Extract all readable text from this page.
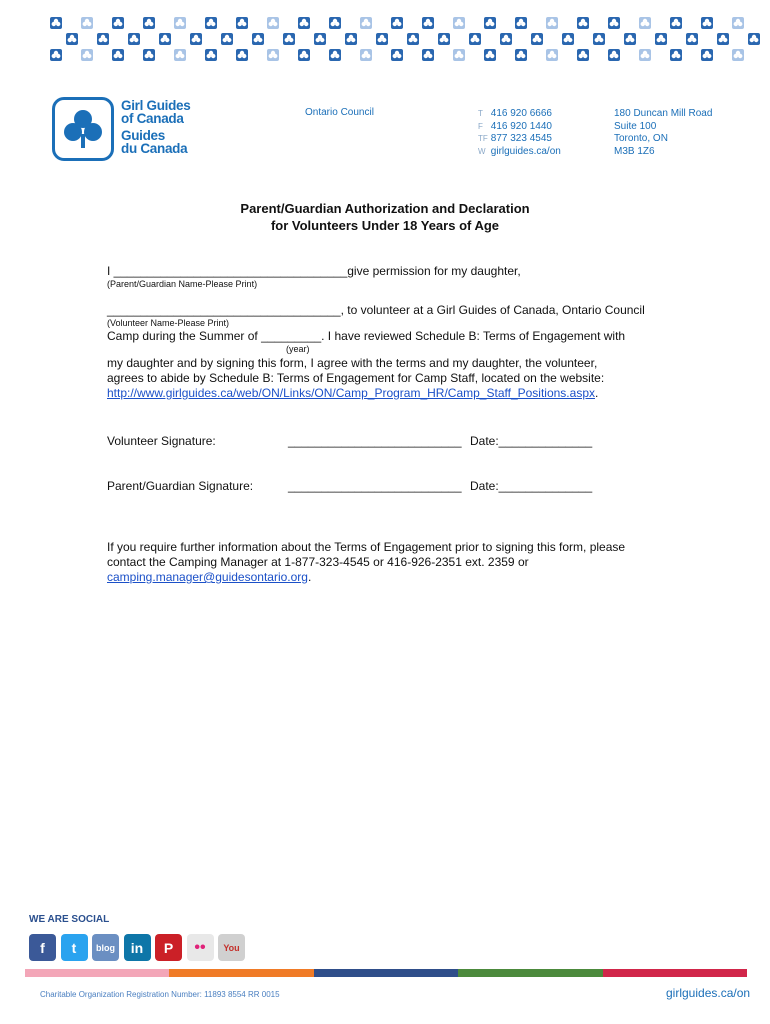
Girl Guides
of Canada
Guides
du Canada
Ontario Council	T 416 920 6666
F 416 920 1440
TF 877 323 4545
W girlguides.ca/on
180 Duncan Mill Road
Suite 100
Toronto, ON
M3B 1Z6
Parent/Guardian Authorization and Declaration
for Volunteers Under 18 Years of Age
I ___________________________________give permission for my daughter,
(Parent/Guardian Name-Please Print)
___________________________________, to volunteer at a Girl Guides of Canada, Ontario Council
(Volunteer Name-Please Print)
Camp during the Summer of _________. I have reviewed Schedule B: Terms of Engagement with
(year)
my daughter and by signing this form, I agree with the terms and my daughter, the volunteer,
agrees to abide by Schedule B: Terms of Engagement for Camp Staff, located on the website:
http://www.girlguides.ca/web/ON/Links/ON/Camp_Program_HR/Camp_Staff_Positions.aspx.
Volunteer Signature:	__________________________ Date:______________
Parent/Guardian Signature:	__________________________ Date:______________
If you require further information about the Terms of Engagement prior to signing this form, please
contact the Camping Manager at 1-877-323-4545 or 416-926-2351 ext. 2359 or
camping.manager@guidesontario.org.
WE ARE SOCIAL
f	t	blog	in	P	••	You
Charitable Organization Registration Number: 11893 8554 RR 0015	girlguides.ca/on
